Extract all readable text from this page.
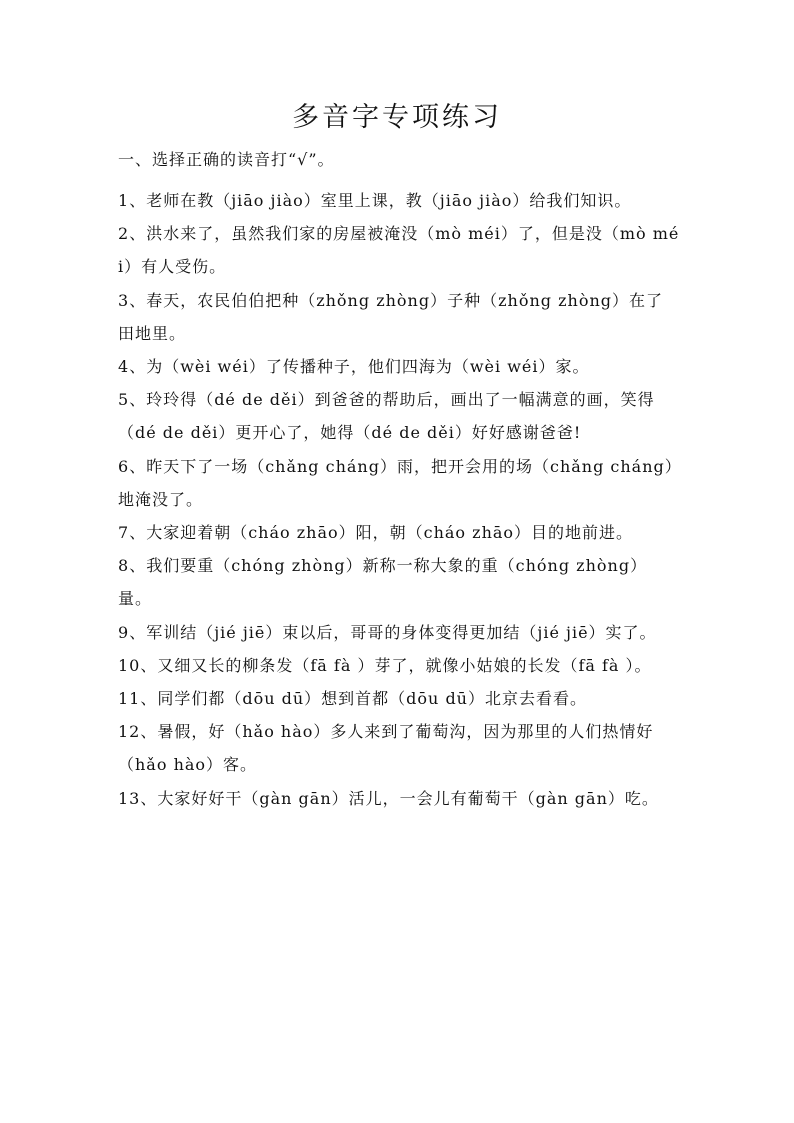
多音字专项练习
一、选择正确的读音打“√”。

1、老师在教（jiāo jiào）室里上课，教（jiāo jiào）给我们知识。

2、洪水来了，虽然我们家的房屋被淹没（mò méi）了，但是没（mò méi）有人受伤。

3、春天，农民伯伯把种（zhǒng zhòng）子种（zhǒng zhòng）在了田地里。

4、为（wèi wéi）了传播种子，他们四海为（wèi wéi）家。

5、玲玲得（dé de děi）到爸爸的帮助后，画出了一幅满意的画，笑得（dé de děi）更开心了，她得（dé de děi）好好感谢爸爸!

6、昨天下了一场（chǎng cháng）雨，把开会用的场（chǎng cháng）地淹没了。

7、大家迎着朝（cháo zhāo）阳，朝（cháo zhāo）目的地前进。

8、我们要重（chóng zhòng）新称一称大象的重（chóng zhòng）量。

9、军训结（jié jiē）束以后，哥哥的身体变得更加结（jié jiē）实了。

10、又细又长的柳条发（fā fà ）芽了，就像小姑娘的长发（fā fà ）。

11、同学们都（dōu dū）想到首都（dōu dū）北京去看看。

12、暑假，好（hǎo hào）多人来到了葡萄沟，因为那里的人们热情好（hǎo hào）客。

13、大家好好干（gàn gān）活儿，一会儿有葡萄干（gàn gān）吃。
